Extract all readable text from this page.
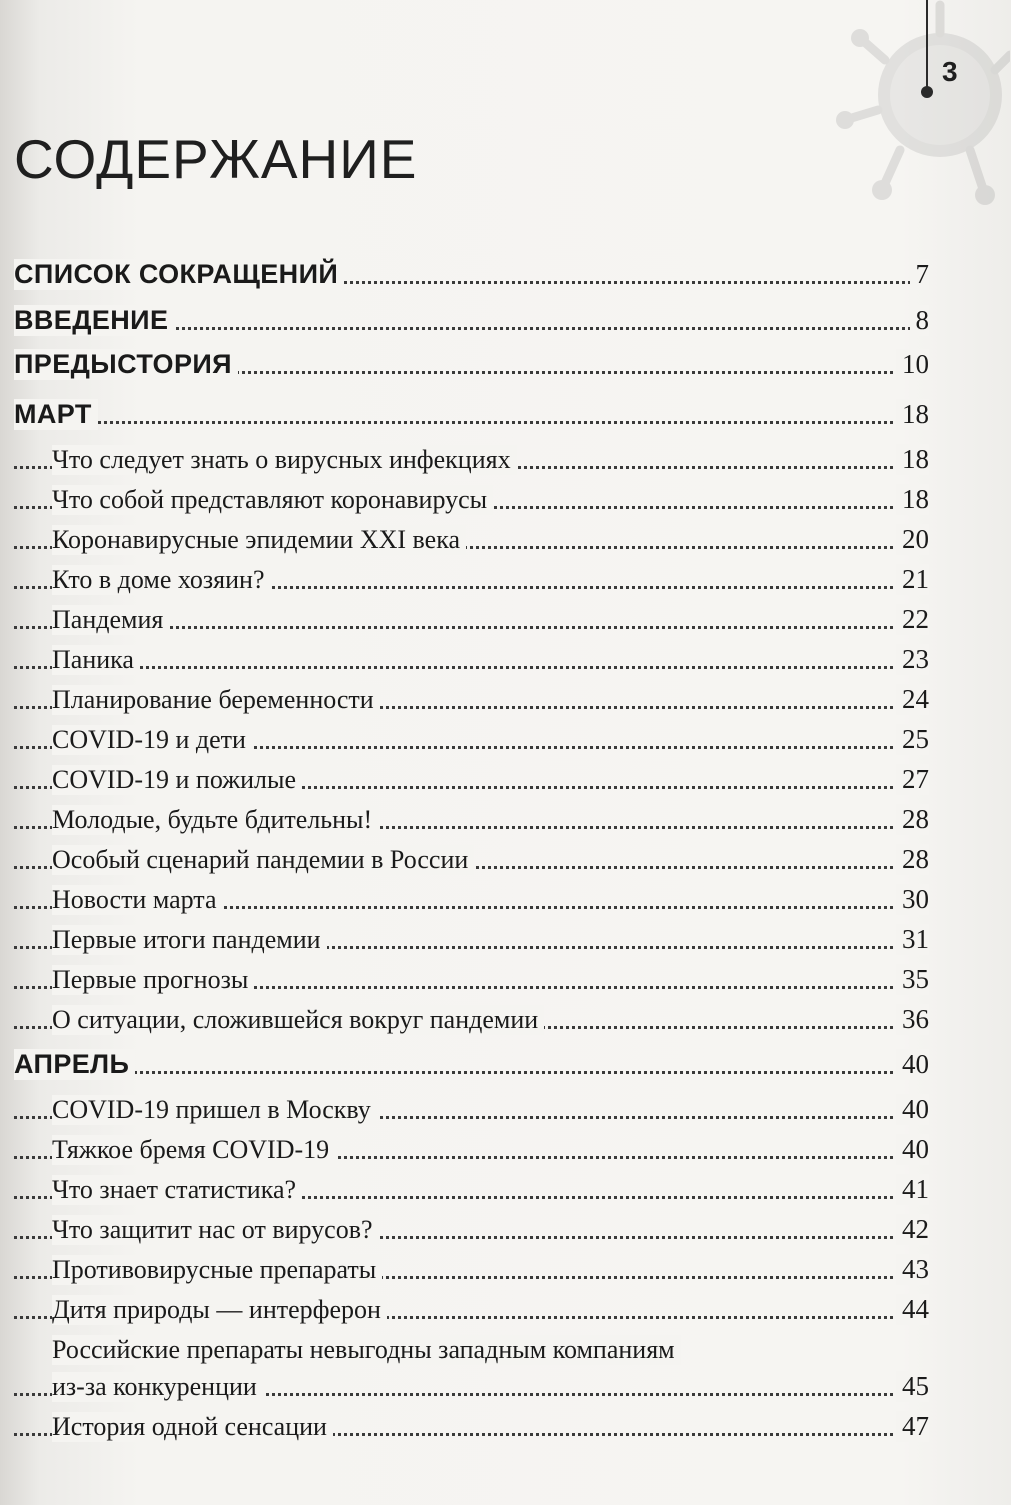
3
СОДЕРЖАНИЕ
СПИСОК СОКРАЩЕНИЙ	7
ВВЕДЕНИЕ	8
ПРЕДЫСТОРИЯ	10
МАРТ	18
Что следует знать о вирусных инфекциях	18
Что собой представляют коронавирусы	18
Коронавирусные эпидемии XXI века	20
Кто в доме хозяин?	21
Пандемия	22
Паника	23
Планирование беременности	24
COVID-19 и дети	25
COVID-19 и пожилые	27
Молодые, будьте бдительны!	28
Особый сценарий пандемии в России	28
Новости марта	30
Первые итоги пандемии	31
Первые прогнозы	35
О ситуации, сложившейся вокруг пандемии	36
АПРЕЛЬ	40
COVID-19 пришел в Москву	40
Тяжкое бремя COVID-19	40
Что знает статистика?	41
Что защитит нас от вирусов?	42
Противовирусные препараты	43
Дитя природы — интерферон	44
Российские препараты невыгодны западным компаниям
из-за конкуренции	45
История одной сенсации	47
